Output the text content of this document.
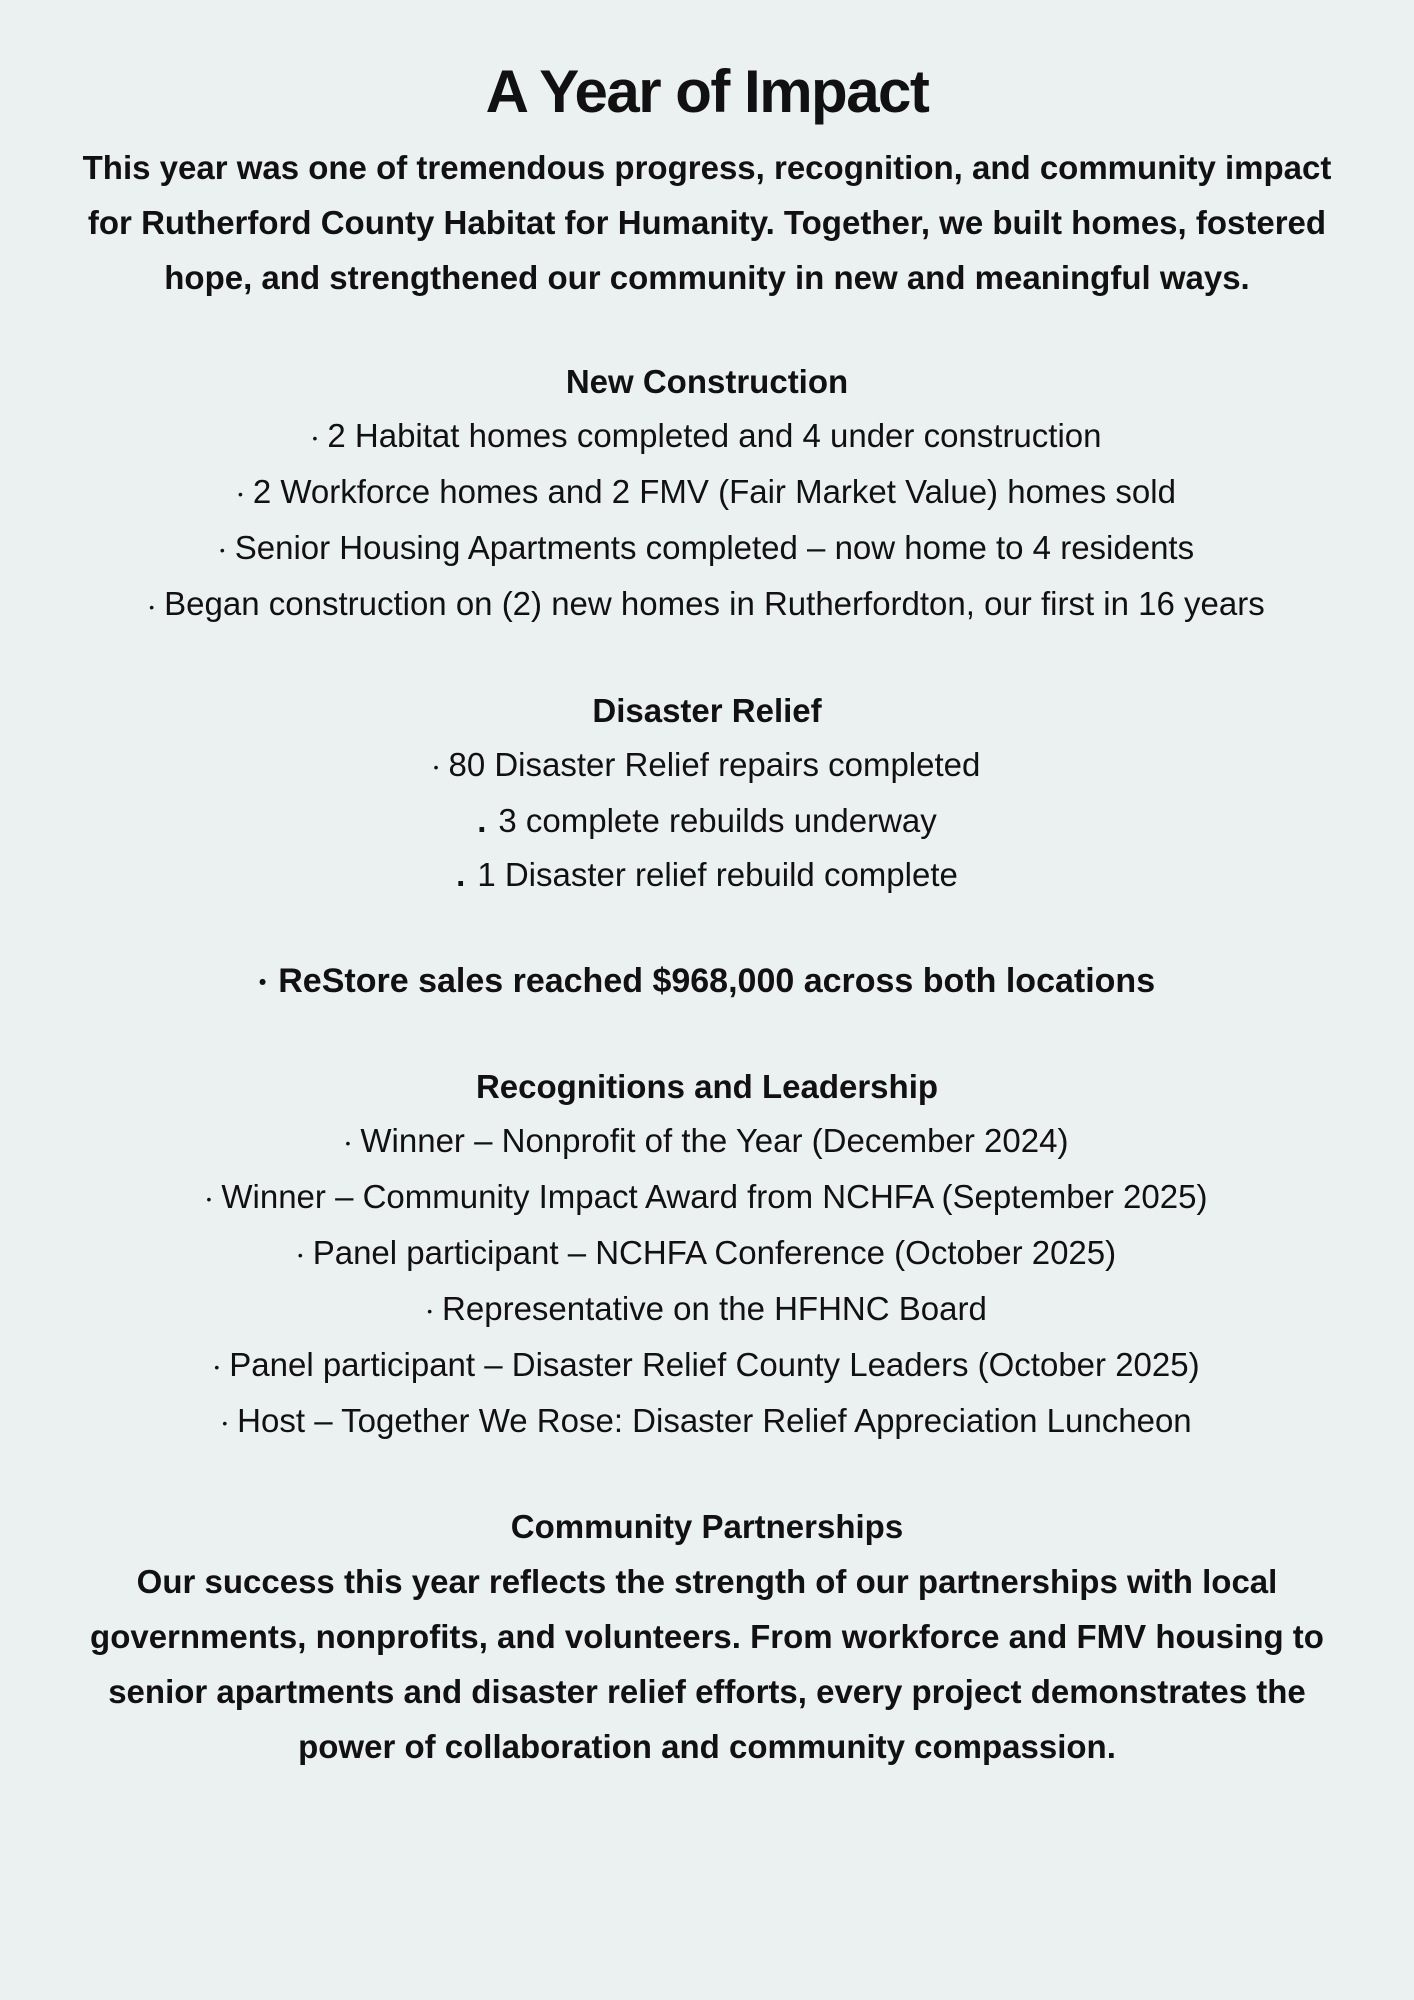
A Year of Impact

This year was one of tremendous progress, recognition, and community impact for Rutherford County Habitat for Humanity. Together, we built homes, fostered hope, and strengthened our community in new and meaningful ways.

New Construction
• 2 Habitat homes completed and 4 under construction
• 2 Workforce homes and 2 FMV (Fair Market Value) homes sold
• Senior Housing Apartments completed – now home to 4 residents
• Began construction on (2) new homes in Rutherfordton, our first in 16 years
Disaster Relief
• 80 Disaster Relief repairs completed
. 3 complete rebuilds underway
. 1 Disaster relief rebuild complete
• ReStore sales reached $968,000 across both locations
Recognitions and Leadership
• Winner – Nonprofit of the Year (December 2024)
• Winner – Community Impact Award from NCHFA (September 2025)
• Panel participant – NCHFA Conference (October 2025)
• Representative on the HFHNC Board
• Panel participant – Disaster Relief County Leaders (October 2025)
• Host – Together We Rose: Disaster Relief Appreciation Luncheon
Community Partnerships

Our success this year reflects the strength of our partnerships with local governments, nonprofits, and volunteers. From workforce and FMV housing to senior apartments and disaster relief efforts, every project demonstrates the power of collaboration and community compassion.
